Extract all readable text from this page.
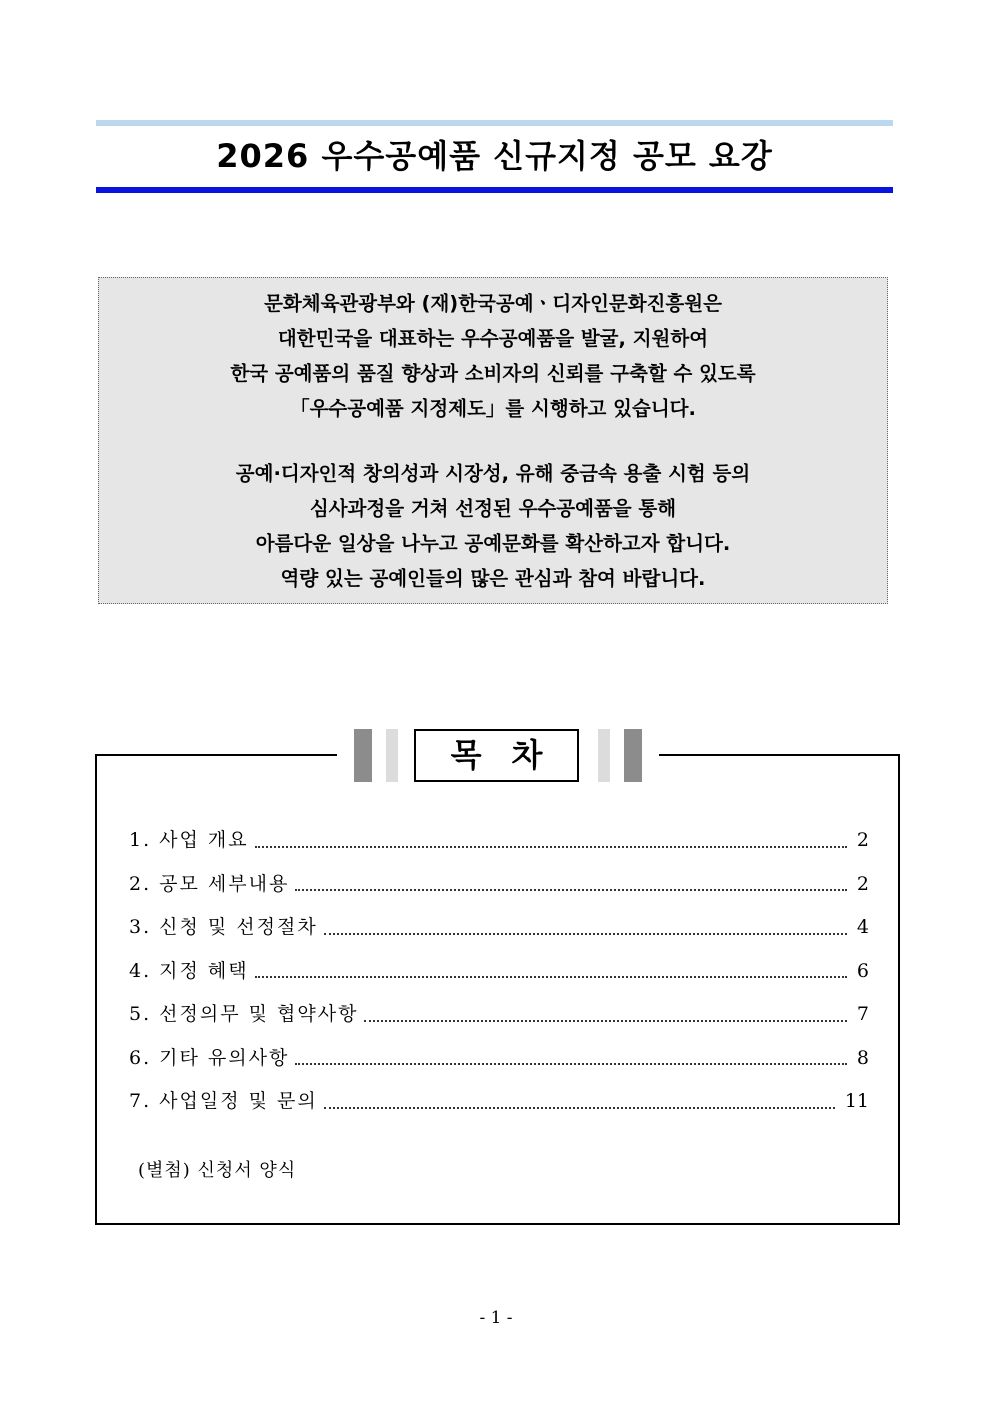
2026 우수공예품 신규지정 공모 요강
문화체육관광부와 (재)한국공예ㆍ디자인문화진흥원은
대한민국을 대표하는 우수공예품을 발굴, 지원하여
한국 공예품의 품질 향상과 소비자의 신뢰를 구축할 수 있도록
「우수공예품 지정제도」를 시행하고 있습니다.
공예·디자인적 창의성과 시장성, 유해 중금속 용출 시험 등의
심사과정을 거쳐 선정된 우수공예품을 통해
아름다운 일상을 나누고 공예문화를 확산하고자 합니다.
역량 있는 공예인들의 많은 관심과 참여 바랍니다.
목차
1. 사업 개요	2
2. 공모 세부내용	2
3. 신청 및 선정절차	4
4. 지정 혜택	6
5. 선정의무 및 협약사항	7
6. 기타 유의사항	8
7. 사업일정 및 문의	11
(별첨) 신청서 양식
- 1 -
